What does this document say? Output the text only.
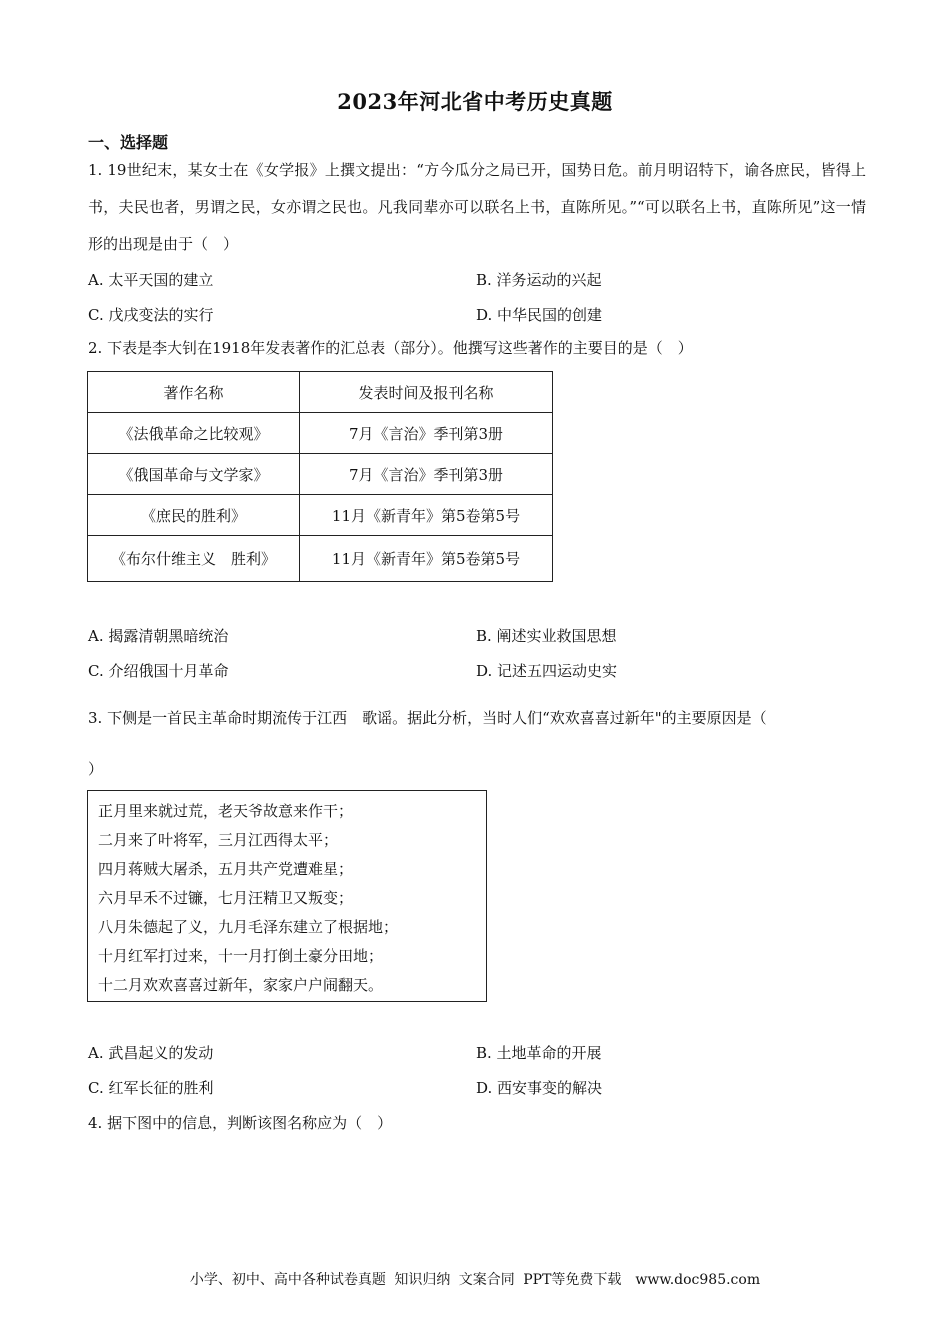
2023年河北省中考历史真题
一、选择题
1. 19世纪末，某女士在《女学报》上撰文提出：“方今瓜分之局已开，国势日危。前月明诏特下，谕各庶民，皆得上书，夫民也者，男谓之民，女亦谓之民也。凡我同辈亦可以联名上书，直陈所见。”“可以联名上书，直陈所见”这一情形的出现是由于（　）
A. 太平天国的建立	B. 洋务运动的兴起
C. 戊戌变法的实行	D. 中华民国的创建
2. 下表是李大钊在1918年发表著作的汇总表（部分）。他撰写这些著作的主要目的是（　）
著作名称	发表时间及报刊名称
《法俄革命之比较观》	7月《言治》季刊第3册
《俄国革命与文学家》	7月《言治》季刊第3册
《庶民的胜利》	11月《新青年》第5卷第5号
《布尔什维主义　胜利》	11月《新青年》第5卷第5号
A. 揭露清朝黑暗统治	B. 阐述实业救国思想
C. 介绍俄国十月革命	D. 记述五四运动史实
3. 下侧是一首民主革命时期流传于江西　歌谣。据此分析，当时人们“欢欢喜喜过新年"的主要原因是（
）
正月里来就过荒，老天爷故意来作干；
二月来了叶将军，三月江西得太平；
四月蒋贼大屠杀，五月共产党遭难星；
六月早禾不过镰，七月汪精卫又叛变；
八月朱德起了义，九月毛泽东建立了根据地；
十月红军打过来，十一月打倒土豪分田地；
十二月欢欢喜喜过新年，家家户户闹翻天。
A. 武昌起义的发动	B. 土地革命的开展
C. 红军长征的胜利	D. 西安事变的解决
4. 据下图中的信息，判断该图名称应为（　）
小学、初中、高中各种试卷真题 知识归纳 文案合同 PPT等免费下载　www.doc985.com
